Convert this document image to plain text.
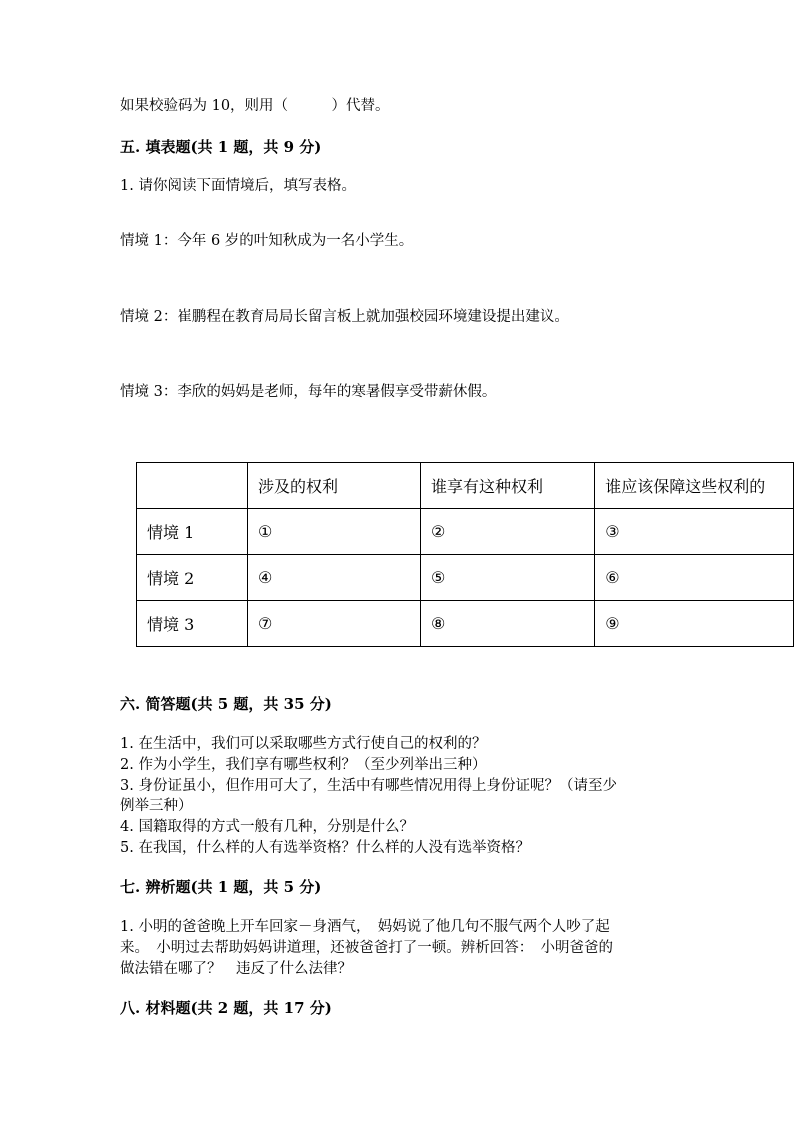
如果校验码为 10，则用（　　　）代替。
五. 填表题(共 1 题，共 9 分)
1. 请你阅读下面情境后，填写表格。
情境 1：今年 6 岁的叶知秋成为一名小学生。
情境 2：崔鹏程在教育局局长留言板上就加强校园环境建设提出建议。
情境 3：李欣的妈妈是老师，每年的寒暑假享受带薪休假。
	涉及的权利	谁享有这种权利	谁应该保障这些权利的
情境 1	①	②	③
情境 2	④	⑤	⑥
情境 3	⑦	⑧	⑨
六. 简答题(共 5 题，共 35 分)
1. 在生活中，我们可以采取哪些方式行使自己的权利的？
2. 作为小学生，我们享有哪些权利？（至少列举出三种）
3. 身份证虽小，但作用可大了，生活中有哪些情况用得上身份证呢？（请至少
例举三种）
4. 国籍取得的方式一般有几种，分别是什么？
5. 在我国，什么样的人有选举资格？什么样的人没有选举资格？
七. 辨析题(共 1 题，共 5 分)
1. 小明的爸爸晚上开车回家－身酒气，　妈妈说了他几句不服气两个人吵了起
来。　小明过去帮助妈妈讲道理，还被爸爸打了一顿。辨析回答：　小明爸爸的
做法错在哪了？　违反了什么法律？
八. 材料题(共 2 题，共 17 分)
